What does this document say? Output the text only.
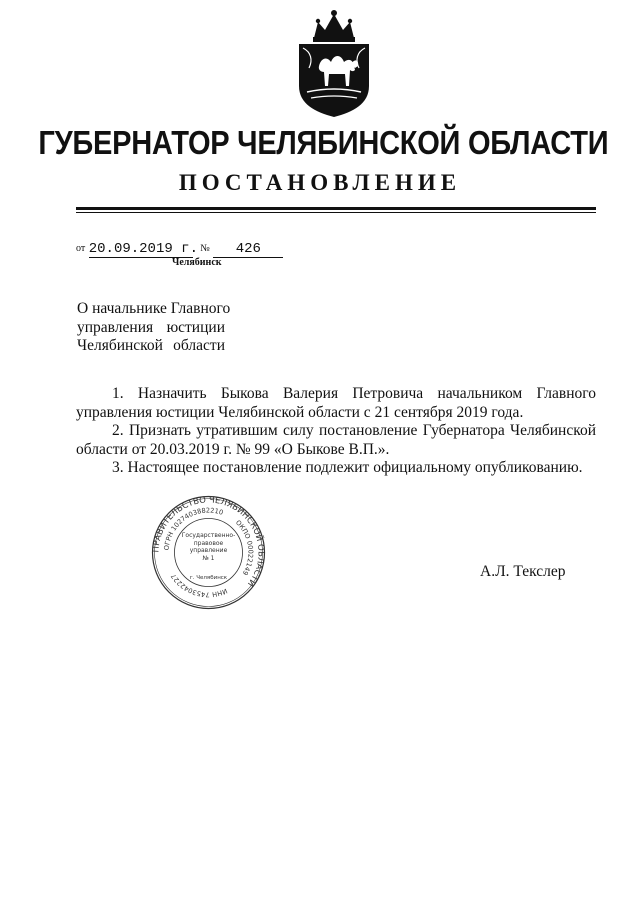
ГУБЕРНАТОР ЧЕЛЯБИНСКОЙ ОБЛАСТИ
ПОСТАНОВЛЕНИЕ
от 20.09.2019 г. № 426
Челябинск
О начальнике Главного
управления юстиции
Челябинской области

1. Назначить Быкова Валерия Петровича начальником Главного управления юстиции Челябинской области с 21 сентября 2019 года.

2. Признать утратившим силу постановление Губернатора Челябинской области от 20.03.2019 г. № 99 «О Быкове В.П.».

3. Настоящее постановление подлежит официальному опубликованию.

ПРАВИТЕЛЬСТВО ЧЕЛЯБИНСКОЙ ОБЛАСТИ
ОГРН 1027403882210
ОКПО 00022149
ИНН 7453042227
Государственно-правовое управление
№ 1
г. Челябинск	А.Л. Текслер
